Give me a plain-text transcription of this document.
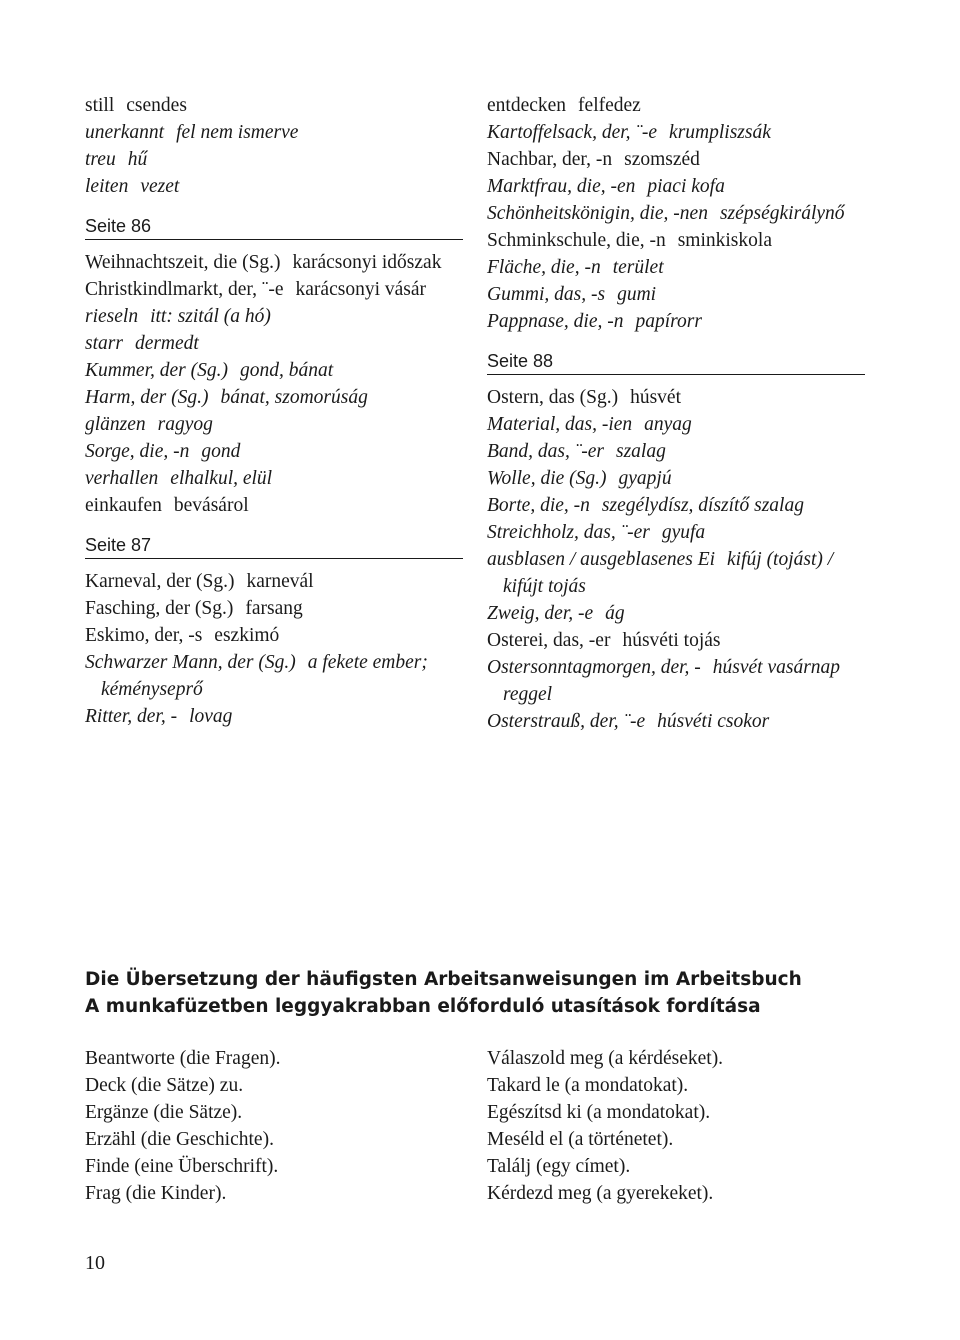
still csendes
unerkannt fel nem ismerve
treu hű
leiten vezet
Seite 86
Weihnachtszeit, die (Sg.) karácsonyi időszak
Christkindlmarkt, der, ¨-e karácsonyi vásár
rieseln itt: szitál (a hó)
starr dermedt
Kummer, der (Sg.) gond, bánat
Harm, der (Sg.) bánat, szomorúság
glänzen ragyog
Sorge, die, -n gond
verhallen elhalkul, elül
einkaufen bevásárol
Seite 87
Karneval, der (Sg.) karnevál
Fasching, der (Sg.) farsang
Eskimo, der, -s eszkimó
Schwarzer Mann, der (Sg.) a fekete ember; kéményseprő
Ritter, der, - lovag
entdecken felfedez
Kartoffelsack, der, ¨-e krumpliszsák
Nachbar, der, -n szomszéd
Marktfrau, die, -en piaci kofa
Schönheitskönigin, die, -nen szépségkirálynő
Schminkschule, die, -n sminkiskola
Fläche, die, -n terület
Gummi, das, -s gumi
Pappnase, die, -n papírorr
Seite 88
Ostern, das (Sg.) húsvét
Material, das, -ien anyag
Band, das, ¨-er szalag
Wolle, die (Sg.) gyapjú
Borte, die, -n szegélydísz, díszítő szalag
Streichholz, das, ¨-er gyufa
ausblasen / ausgeblasenes Ei kifúj (tojást) / kifújt tojás
Zweig, der, -e ág
Osterei, das, -er húsvéti tojás
Ostersonntagmorgen, der, - húsvét vasárnap reggel
Osterstrauß, der, ¨-e húsvéti csokor
Die Übersetzung der häufigsten Arbeitsanweisungen im Arbeitsbuch
A munkafüzetben leggyakrabban előforduló utasítások fordítása
Beantworte (die Fragen).
Deck (die Sätze) zu.
Ergänze (die Sätze).
Erzähl (die Geschichte).
Finde (eine Überschrift).
Frag (die Kinder).
Válaszold meg (a kérdéseket).
Takard le (a mondatokat).
Egészítsd ki (a mondatokat).
Meséld el (a történetet).
Találj (egy címet).
Kérdezd meg (a gyerekeket).
10
